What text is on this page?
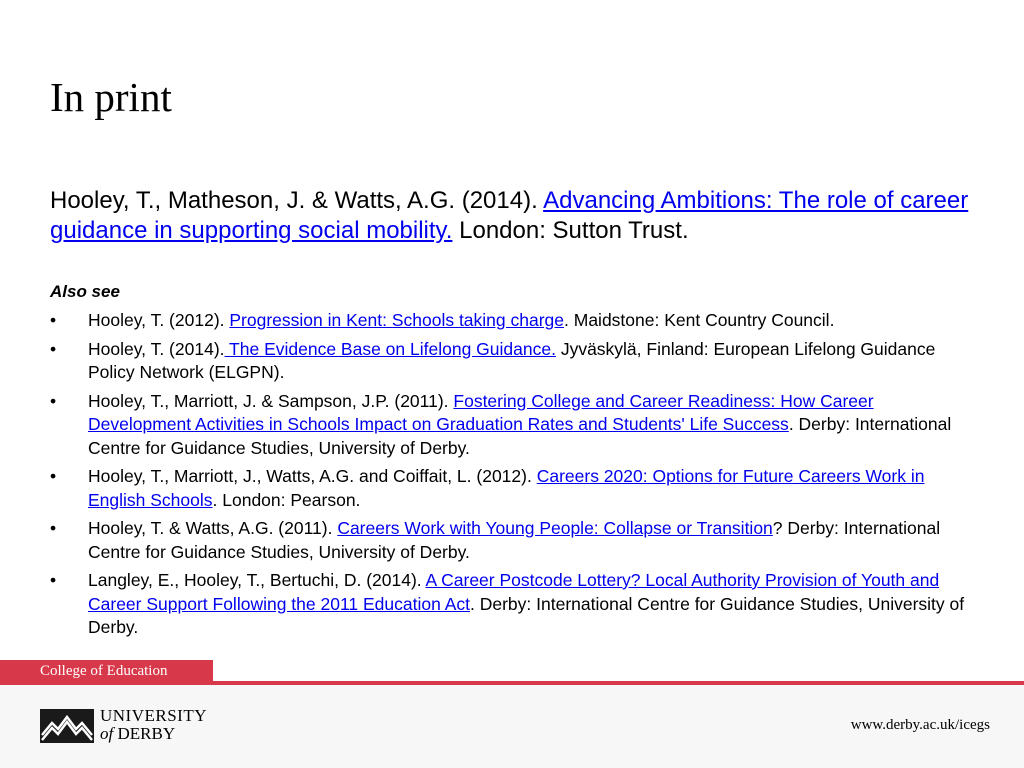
In print
Hooley, T., Matheson, J. & Watts, A.G. (2014). Advancing Ambitions: The role of career guidance in supporting social mobility. London: Sutton Trust.
Also see
• Hooley, T. (2012). Progression in Kent: Schools taking charge. Maidstone: Kent Country Council.
• Hooley, T. (2014). The Evidence Base on Lifelong Guidance. Jyväskylä, Finland: European Lifelong Guidance Policy Network (ELGPN).
• Hooley, T., Marriott, J. & Sampson, J.P. (2011). Fostering College and Career Readiness: How Career Development Activities in Schools Impact on Graduation Rates and Students' Life Success. Derby: International Centre for Guidance Studies, University of Derby.
• Hooley, T., Marriott, J., Watts, A.G. and Coiffait, L. (2012). Careers 2020: Options for Future Careers Work in English Schools. London: Pearson.
• Hooley, T. & Watts, A.G. (2011). Careers Work with Young People: Collapse or Transition? Derby: International Centre for Guidance Studies, University of Derby.
• Langley, E., Hooley, T., Bertuchi, D. (2014). A Career Postcode Lottery? Local Authority Provision of Youth and Career Support Following the 2011 Education Act. Derby: International Centre for Guidance Studies, University of Derby.
College of Education
UNIVERSITY
of DERBY	www.derby.ac.uk/icegs
